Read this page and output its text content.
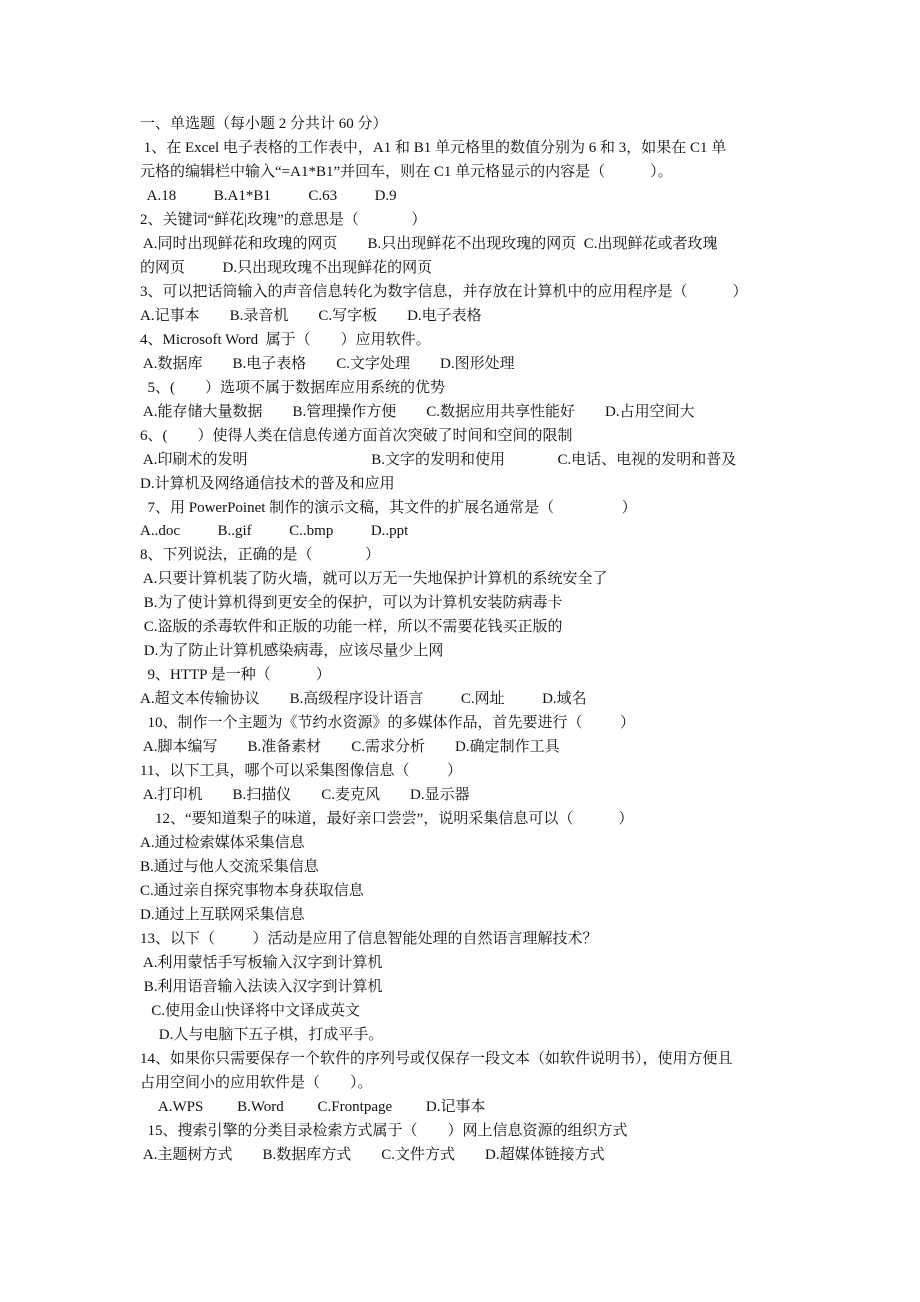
一、单选题（每小题 2 分共计 60 分）
1、在 Excel 电子表格的工作表中，A1 和 B1 单元格里的数值分别为 6 和 3，如果在 C1 单
元格的编辑栏中输入“=A1*B1”并回车，则在 C1 单元格显示的内容是（            ）。
A.18          B.A1*B1          C.63          D.9
2、关键词“鲜花|玫瑰”的意思是（              ）
A.同时出现鲜花和玫瑰的网页        B.只出现鲜花不出现玫瑰的网页  C.出现鲜花或者玫瑰
的网页          D.只出现玫瑰不出现鲜花的网页
3、可以把话筒输入的声音信息转化为数字信息，并存放在计算机中的应用程序是（            ）
A.记事本        B.录音机        C.写字板        D.电子表格
4、Microsoft Word  属于（        ）应用软件。
A.数据库        B.电子表格        C.文字处理        D.图形处理
5、(        ）选项不属于数据库应用系统的优势
A.能存储大量数据        B.管理操作方便        C.数据应用共享性能好        D.占用空间大
6、(        ）使得人类在信息传递方面首次突破了时间和空间的限制
A.印刷术的发明                                 B.文字的发明和使用              C.电话、电视的发明和普及
D.计算机及网络通信技术的普及和应用
7、用 PowerPoinet 制作的演示文稿，其文件的扩展名通常是（                  ）
A..doc          B..gif          C..bmp          D..ppt
8、下列说法，正确的是（              ）
A.只要计算机装了防火墙，就可以万无一失地保护计算机的系统安全了
B.为了使计算机得到更安全的保护，可以为计算机安装防病毒卡
C.盗版的杀毒软件和正版的功能一样，所以不需要花钱买正版的
D.为了防止计算机感染病毒，应该尽量少上网
9、HTTP 是一种（            ）
A.超文本传输协议        B.高级程序设计语言          C.网址          D.域名
10、制作一个主题为《节约水资源》的多媒体作品，首先要进行（          ）
A.脚本编写        B.准备素材        C.需求分析        D.确定制作工具
11、以下工具，哪个可以采集图像信息（          ）
A.打印机        B.扫描仪        C.麦克风        D.显示器
12、“要知道梨子的味道，最好亲口尝尝”，说明采集信息可以（            ）
A.通过检索媒体采集信息
B.通过与他人交流采集信息
C.通过亲自探究事物本身获取信息
D.通过上互联网采集信息
13、以下（          ）活动是应用了信息智能处理的自然语言理解技术？
A.利用蒙恬手写板输入汉字到计算机
B.利用语音输入法读入汉字到计算机
C.使用金山快译将中文译成英文
D.人与电脑下五子棋，打成平手。
14、如果你只需要保存一个软件的序列号或仅保存一段文本（如软件说明书），使用方便且
占用空间小的应用软件是（        ）。
A.WPS         B.Word         C.Frontpage         D.记事本
15、搜索引擎的分类目录检索方式属于（        ）网上信息资源的组织方式
A.主题树方式        B.数据库方式        C.文件方式        D.超媒体链接方式
